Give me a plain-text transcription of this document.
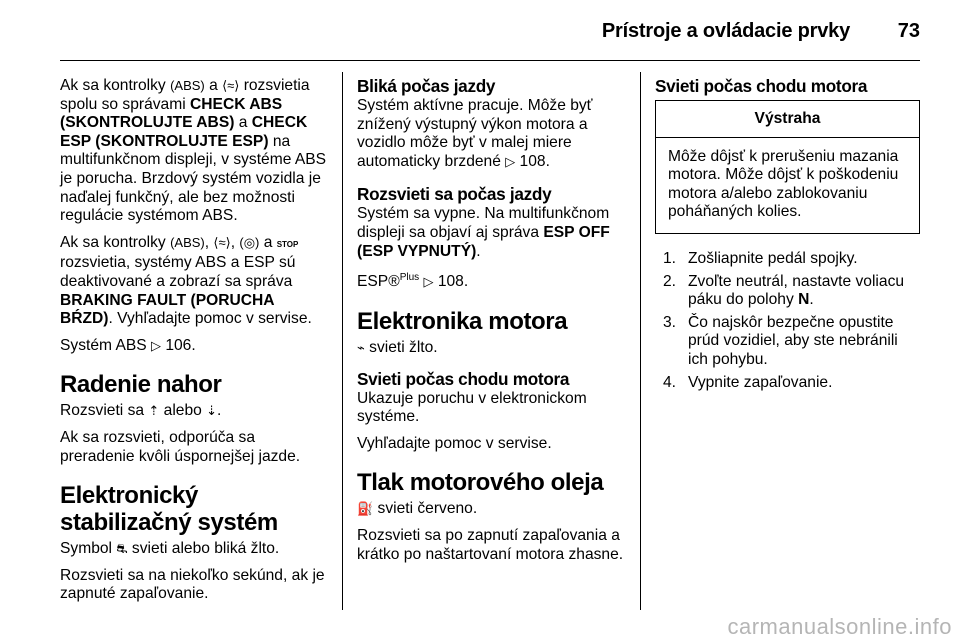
Prístroje a ovládacie prvky	73

Ak sa kontrolky (ABS) a ⟨≈⟩ rozsvietia spolu so správami CHECK ABS (SKONTROLUJTE ABS) a CHECK ESP (SKONTROLUJTE ESP) na multifunkčnom displeji, v systéme ABS je porucha. Brzdový systém vozidla je naďalej funkčný, ale bez možnosti regulácie systémom ABS.

Ak sa kontrolky (ABS), ⟨≈⟩, (◎) a STOP rozsvietia, systémy ABS a ESP sú deaktivované a zobrazí sa správa BRAKING FAULT (PORUCHA BŔZD). Vyhľadajte pomoc v servise.

Systém ABS ▷ 106.

Radenie nahor

Rozsvieti sa ⇡ alebo ⇣.

Ak sa rozsvieti, odporúča sa preradenie kvôli úspornejšej jazde.

Elektronický stabilizačný systém

Symbol ⛐ svieti alebo bliká žlto.

Rozsvieti sa na niekoľko sekúnd, ak je zapnuté zapaľovanie.

Bliká počas jazdy

Systém aktívne pracuje. Môže byť znížený výstupný výkon motora a vozidlo môže byť v malej miere automaticky brzdené ▷ 108.

Rozsvieti sa počas jazdy

Systém sa vypne. Na multifunkčnom displeji sa objaví aj správa ESP OFF (ESP VYPNUTÝ).

ESP®$^{Plus}$ ▷ 108.

Elektronika motora

⌁ svieti žlto.

Svieti počas chodu motora

Ukazuje poruchu v elektronickom systéme.

Vyhľadajte pomoc v servise.

Tlak motorového oleja

⛽ svieti červeno.

Rozsvieti sa po zapnutí zapaľovania a krátko po naštartovaní motora zhasne.

Svieti počas chodu motora
Výstraha
Môže dôjsť k prerušeniu mazania motora. Môže dôjsť k poškodeniu motora a/alebo zablokovaniu poháňaných kolies.
1. Zošliapnite pedál spojky.
2. Zvoľte neutrál, nastavte voliacu páku do polohy N.
3. Čo najskôr bezpečne opustite prúd vozidiel, aby ste nebránili ich pohybu.
4. Vypnite zapaľovanie.
carmanualsonline.info
